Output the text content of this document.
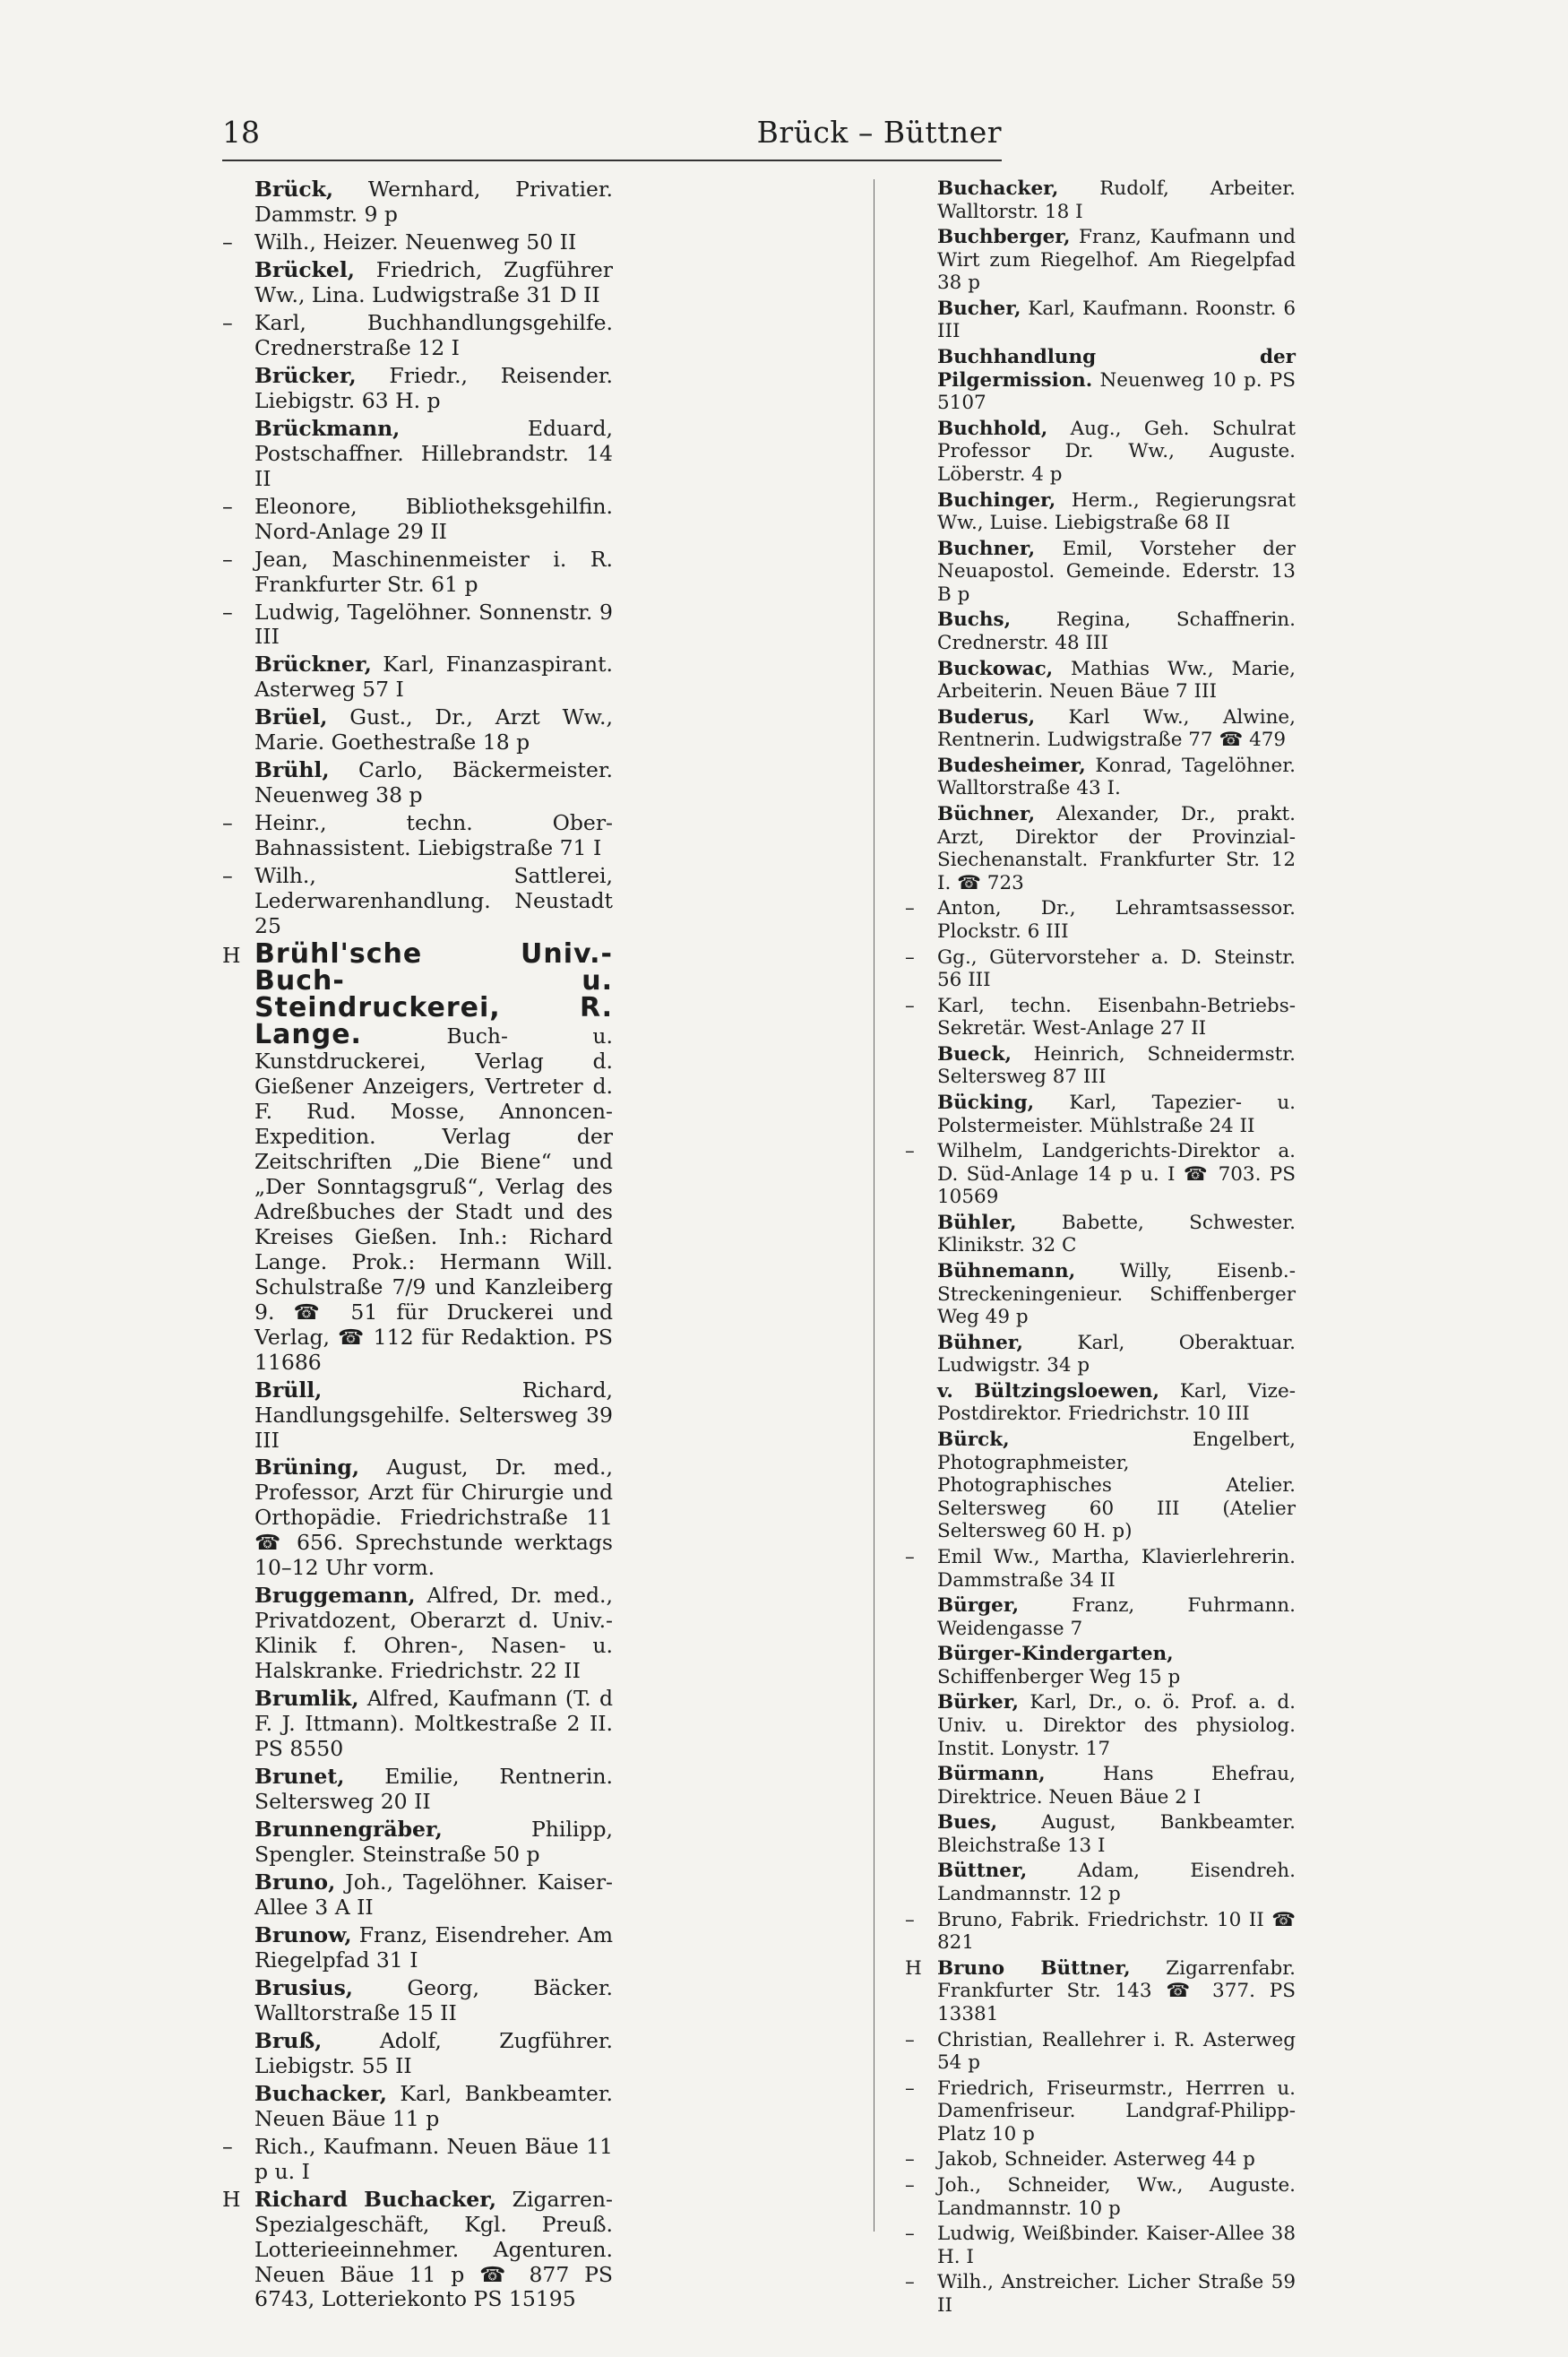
18	Brück – Büttner

Brück, Wernhard, Privatier. Dammstr. 9 p

– Wilh., Heizer. Neuenweg 50 II

Brückel, Friedrich, Zugführer Ww., Lina. Ludwigstraße 31 D II

– Karl, Buchhandlungsgehilfe. Crednerstraße 12 I

Brücker, Friedr., Reisender. Liebigstr. 63 H. p

Brückmann, Eduard, Postschaffner. Hillebrandstr. 14 II

– Eleonore, Bibliotheksgehilfin. Nord-Anlage 29 II

– Jean, Maschinenmeister i. R. Frankfurter Str. 61 p

– Ludwig, Tagelöhner. Sonnenstr. 9 III

Brückner, Karl, Finanzaspirant. Asterweg 57 I

Brüel, Gust., Dr., Arzt Ww., Marie. Goethestraße 18 p

Brühl, Carlo, Bäckermeister. Neuenweg 38 p

– Heinr., techn. Ober-Bahnassistent. Liebigstraße 71 I

– Wilh., Sattlerei, Lederwarenhandlung. Neustadt 25

H Brühl'sche Univ.- Buch- u. Steindruckerei, R. Lange. Buch- u. Kunstdruckerei, Verlag d. Gießener Anzeigers, Vertreter d. F. Rud. Mosse, Annoncen-Expedition. Verlag der Zeitschriften „Die Biene“ und „Der Sonntagsgruß“, Verlag des Adreßbuches der Stadt und des Kreises Gießen. Inh.: Richard Lange. Prok.: Hermann Will. Schulstraße 7/9 und Kanzleiberg 9. ☎ 51 für Druckerei und Verlag, ☎ 112 für Redaktion. PS 11686

Brüll, Richard, Handlungsgehilfe. Seltersweg 39 III

Brüning, August, Dr. med., Professor, Arzt für Chirurgie und Orthopädie. Friedrichstraße 11 ☎ 656. Sprechstunde werktags 10–12 Uhr vorm.

Bruggemann, Alfred, Dr. med., Privatdozent, Oberarzt d. Univ.-Klinik f. Ohren-, Nasen- u. Halskranke. Friedrichstr. 22 II

Brumlik, Alfred, Kaufmann (T. d F. J. Ittmann). Moltkestraße 2 II. PS 8550

Brunet, Emilie, Rentnerin. Seltersweg 20 II

Brunnengräber, Philipp, Spengler. Steinstraße 50 p

Bruno, Joh., Tagelöhner. Kaiser-Allee 3 A II

Brunow, Franz, Eisendreher. Am Riegelpfad 31 I

Brusius, Georg, Bäcker. Walltorstraße 15 II

Bruß, Adolf, Zugführer. Liebigstr. 55 II

Buchacker, Karl, Bankbeamter. Neuen Bäue 11 p

– Rich., Kaufmann. Neuen Bäue 11 p u. I

H Richard Buchacker, Zigarren-Spezialgeschäft, Kgl. Preuß. Lotterieeinnehmer. Agenturen. Neuen Bäue 11 p ☎ 877 PS 6743, Lotteriekonto PS 15195

Buchacker, Rudolf, Arbeiter. Walltorstr. 18 I

Buchberger, Franz, Kaufmann und Wirt zum Riegelhof. Am Riegelpfad 38 p

Bucher, Karl, Kaufmann. Roonstr. 6 III

Buchhandlung der Pilgermission. Neuenweg 10 p. PS 5107

Buchhold, Aug., Geh. Schulrat Professor Dr. Ww., Auguste. Löberstr. 4 p

Buchinger, Herm., Regierungsrat Ww., Luise. Liebigstraße 68 II

Buchner, Emil, Vorsteher der Neuapostol. Gemeinde. Ederstr. 13 B p

Buchs, Regina, Schaffnerin. Crednerstr. 48 III

Buckowac, Mathias Ww., Marie, Arbeiterin. Neuen Bäue 7 III

Buderus, Karl Ww., Alwine, Rentnerin. Ludwigstraße 77 ☎ 479

Budesheimer, Konrad, Tagelöhner. Walltorstraße 43 I.

Büchner, Alexander, Dr., prakt. Arzt, Direktor der Provinzial-Siechenanstalt. Frankfurter Str. 12 I. ☎ 723

– Anton, Dr., Lehramtsassessor. Plockstr. 6 III

– Gg., Gütervorsteher a. D. Steinstr. 56 III

– Karl, techn. Eisenbahn-Betriebs-Sekretär. West-Anlage 27 II

Bueck, Heinrich, Schneidermstr. Seltersweg 87 III

Bücking, Karl, Tapezier- u. Polstermeister. Mühlstraße 24 II

– Wilhelm, Landgerichts-Direktor a. D. Süd-Anlage 14 p u. I ☎ 703. PS 10569

Bühler, Babette, Schwester. Klinikstr. 32 C

Bühnemann, Willy, Eisenb.-Streckeningenieur. Schiffenberger Weg 49 p

Bühner, Karl, Oberaktuar. Ludwigstr. 34 p

v. Bültzingsloewen, Karl, Vize-Postdirektor. Friedrichstr. 10 III

Bürck, Engelbert, Photographmeister, Photographisches Atelier. Seltersweg 60 III (Atelier Seltersweg 60 H. p)

– Emil Ww., Martha, Klavierlehrerin. Dammstraße 34 II

Bürger, Franz, Fuhrmann. Weidengasse 7

Bürger-Kindergarten, Schiffenberger Weg 15 p

Bürker, Karl, Dr., o. ö. Prof. a. d. Univ. u. Direktor des physiolog. Instit. Lonystr. 17

Bürmann, Hans Ehefrau, Direktrice. Neuen Bäue 2 I

Bues, August, Bankbeamter. Bleichstraße 13 I

Büttner, Adam, Eisendreh. Landmannstr. 12 p

– Bruno, Fabrik. Friedrichstr. 10 II ☎ 821

H Bruno Büttner, Zigarrenfabr. Frankfurter Str. 143 ☎ 377. PS 13381

– Christian, Reallehrer i. R. Asterweg 54 p

– Friedrich, Friseurmstr., Herrren u. Damenfriseur. Landgraf-Philipp-Platz 10 p

– Jakob, Schneider. Asterweg 44 p

– Joh., Schneider, Ww., Auguste. Landmannstr. 10 p

– Ludwig, Weißbinder. Kaiser-Allee 38 H. I

– Wilh., Anstreicher. Licher Straße 59 II
